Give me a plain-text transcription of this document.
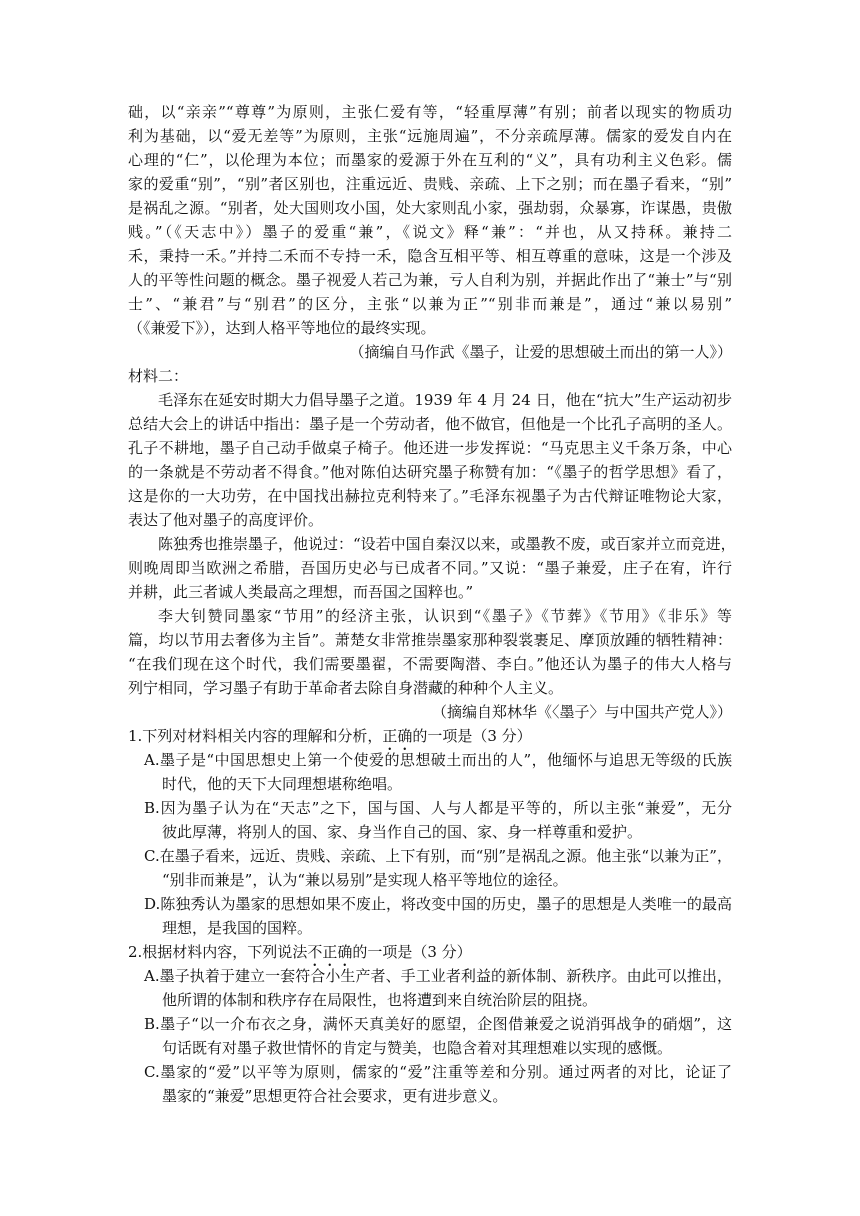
础，以“亲亲”“尊尊”为原则，主张仁爱有等，“轻重厚薄”有别；前者以现实的物质功
利为基础，以“爱无差等”为原则，主张“远施周遍”，不分亲疏厚薄。儒家的爱发自内在
心理的“仁”，以伦理为本位；而墨家的爱源于外在互利的“义”，具有功利主义色彩。儒
家的爱重“别”，“别”者区别也，注重远近、贵贱、亲疏、上下之别；而在墨子看来，“别”
是祸乱之源。“别者，处大国则攻小国，处大家则乱小家，强劫弱，众暴寡，诈谋愚，贵傲
贱。”（《天志中》）墨子的爱重“兼”，《说文》释“兼”：“并也，从又持秝。兼持二
禾，秉持一禾。”并持二禾而不专持一禾，隐含互相平等、相互尊重的意味，这是一个涉及
人的平等性问题的概念。墨子视爱人若己为兼，亏人自利为别，并据此作出了“兼士”与“别
士”、“兼君”与“别君”的区分，主张“以兼为正”“别非而兼是”，通过“兼以易别”
（《兼爱下》），达到人格平等地位的最终实现。
（摘编自马作武《墨子，让爱的思想破土而出的第一人》）
材料二：
毛泽东在延安时期大力倡导墨子之道。1939 年 4 月 24 日，他在“抗大”生产运动初步
总结大会上的讲话中指出：墨子是一个劳动者，他不做官，但他是一个比孔子高明的圣人。
孔子不耕地，墨子自己动手做桌子椅子。他还进一步发挥说：“马克思主义千条万条，中心
的一条就是不劳动者不得食。”他对陈伯达研究墨子称赞有加：“《墨子的哲学思想》看了，
这是你的一大功劳，在中国找出赫拉克利特来了。”毛泽东视墨子为古代辩证唯物论大家，
表达了他对墨子的高度评价。
陈独秀也推崇墨子，他说过：“设若中国自秦汉以来，或墨教不废，或百家并立而竞进，
则晚周即当欧洲之希腊，吾国历史必与已成者不同。”又说：“墨子兼爱，庄子在宥，许行
并耕，此三者诚人类最高之理想，而吾国之国粹也。”
李大钊赞同墨家“节用”的经济主张，认识到“《墨子》《节葬》《节用》《非乐》等
篇，均以节用去奢侈为主旨”。萧楚女非常推崇墨家那种裂裳裹足、摩顶放踵的牺牲精神：
“在我们现在这个时代，我们需要墨翟，不需要陶潜、李白。”他还认为墨子的伟大人格与
列宁相同，学习墨子有助于革命者去除自身潜藏的种种个人主义。
（摘编自郑林华《〈墨子〉与中国共产党人》）
1.下列对材料相关内容的理解和分析，正确的一项是（3 分）
A.墨子是“中国思想史上第一个使爱的思想破土而出的人”，他缅怀与追思无等级的氏族
时代，他的天下大同理想堪称绝唱。
B.因为墨子认为在“天志”之下，国与国、人与人都是平等的，所以主张“兼爱”，无分
彼此厚薄，将别人的国、家、身当作自己的国、家、身一样尊重和爱护。
C.在墨子看来，远近、贵贱、亲疏、上下有别，而“别”是祸乱之源。他主张“以兼为正”，
“别非而兼是”，认为“兼以易别”是实现人格平等地位的途径。
D.陈独秀认为墨家的思想如果不废止，将改变中国的历史，墨子的思想是人类唯一的最高
理想，是我国的国粹。
2.根据材料内容，下列说法不正确的一项是（3 分）
A.墨子执着于建立一套符合小生产者、手工业者利益的新体制、新秩序。由此可以推出，
他所谓的体制和秩序存在局限性，也将遭到来自统治阶层的阻挠。
B.墨子“以一介布衣之身，满怀天真美好的愿望，企图借兼爱之说消弭战争的硝烟”，这
句话既有对墨子救世情怀的肯定与赞美，也隐含着对其理想难以实现的感慨。
C.墨家的“爱”以平等为原则，儒家的“爱”注重等差和分别。通过两者的对比，论证了
墨家的“兼爱”思想更符合社会要求，更有进步意义。
